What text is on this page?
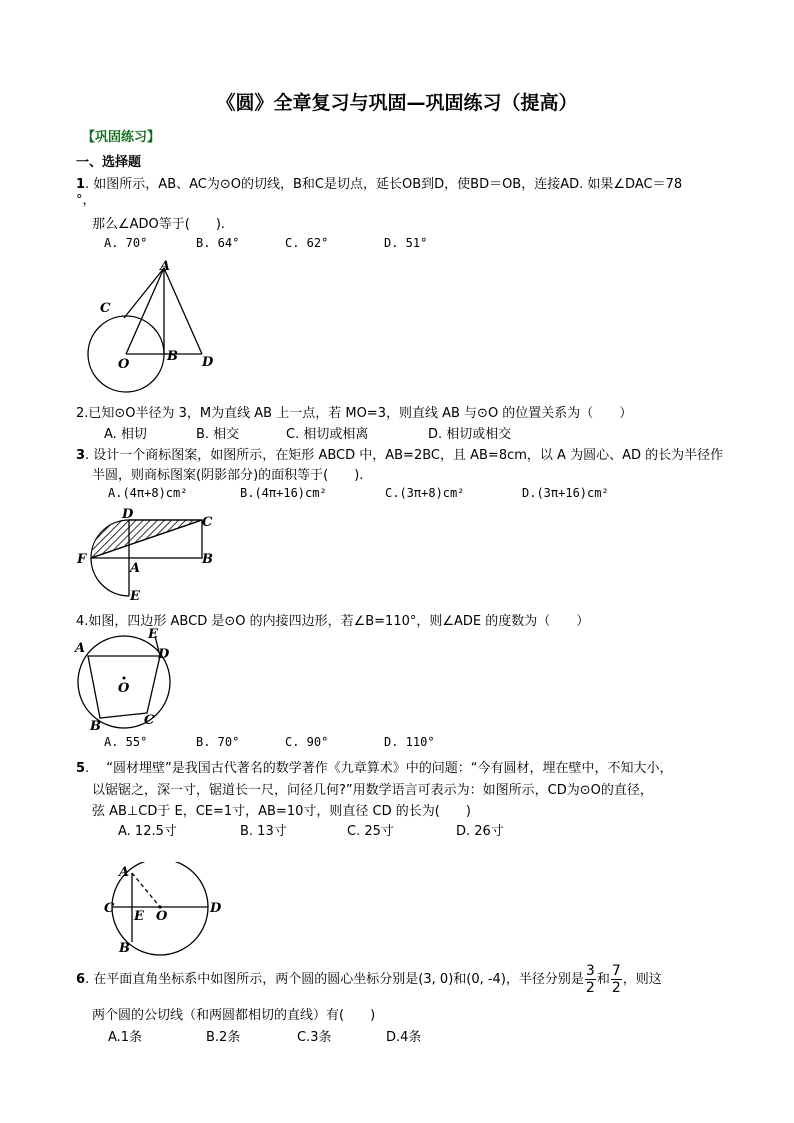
《圆》全章复习与巩固—巩固练习（提高）
【巩固练习】
一、选择题
1. 如图所示，AB、AC为⊙O的切线，B和C是切点，延长OB到D，使BD＝OB，连接AD. 如果∠DAC＝78
°，
那么∠ADO等于(　　).
A. 70°	B. 64°	C. 62°	D. 51°
A
C
O
B D
2.已知⊙O半径为 3，M为直线 AB 上一点，若 MO=3，则直线 AB 与⊙O 的位置关系为（　　）
A. 相切	B. 相交	C. 相切或相离	D. 相切或相交
3. 设计一个商标图案，如图所示，在矩形 ABCD 中，AB=2BC，且 AB=8cm，以 A 为圆心、AD 的长为半径作
半圆，则商标图案(阴影部分)的面积等于(　　).
A.(4π+8)cm²	B.(4π+16)cm²	C.(3π+8)cm²	D.(3π+16)cm²
D
C
F
A
B
E
4.如图，四边形 ABCD 是⊙O 的内接四边形，若∠B=110°，则∠ADE 的度数为（　　）
A
E
D
O
B	C
A. 55°	B. 70°	C. 90°	D. 110°
5. 　“圆材埋壁”是我国古代著名的数学著作《九章算术》中的问题：“今有圆材，埋在壁中，不知大小，
以锯锯之，深一寸，锯道长一尺，问径几何?”用数学语言可表示为：如图所示，CD为⊙O的直径，
弦 AB⊥CD于 E，CE=1寸，AB=10寸，则直径 CD 的长为(　　)
A. 12.5寸	B. 13寸	C. 25寸	D. 26寸
A
C
E O
D
B
6. 在平面直角坐标系中如图所示，两个圆的圆心坐标分别是(3, 0)和(0, -4)，半径分别是 $\frac{3}{2}$ 和 $\frac{7}{2}$ ，则这
两个圆的公切线（和两圆都相切的直线）有(　　)
A.1条	B.2条	C.3条	D.4条
